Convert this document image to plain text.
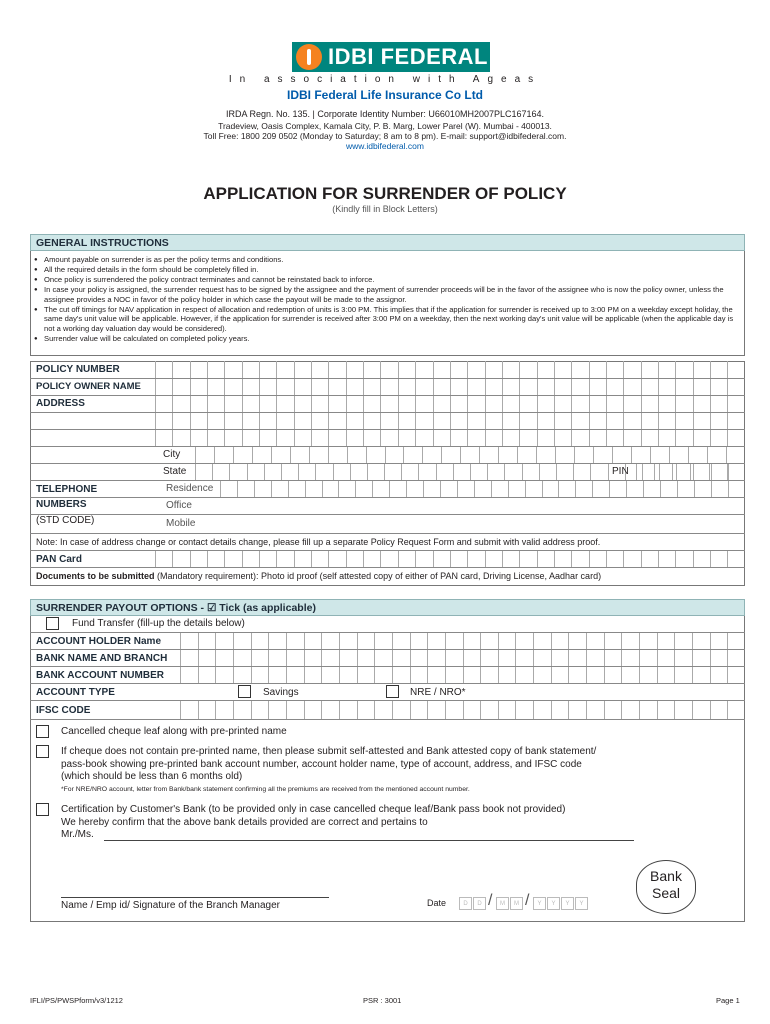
IDBI FEDERAL
In association with Ageas
IDBI Federal Life Insurance Co Ltd
IRDA Regn. No. 135. | Corporate Identity Number: U66010MH2007PLC167164.
Tradeview, Oasis Complex, Kamala City, P. B. Marg, Lower Parel (W). Mumbai - 400013.
Toll Free: 1800 209 0502 (Monday to Saturday; 8 am to 8 pm). E-mail: support@idbifederal.com.
www.idbifederal.com
APPLICATION FOR SURRENDER OF POLICY
(Kindly fill in Block Letters)
GENERAL INSTRUCTIONS
● Amount payable on surrender is as per the policy terms and conditions.
● All the required details in the form should be completely filled in.
● Once policy is surrendered the policy contract terminates and cannot be reinstated back to inforce.
● In case your policy is assigned, the surrender request has to be signed by the assignee and the payment of surrender proceeds will be in the favor of the assignee who is now the policy owner, unless the assignee provides a NOC in favor of the policy holder in which case the payout will be made to the assignor.
● The cut off timings for NAV application in respect of allocation and redemption of units is 3:00 PM. This implies that if the application for surrender is received up to 3:00 PM on a weekday except holiday, the same day's unit value will be applicable. However, if the application for surrender is received after 3:00 PM on a weekday, then the next working day's unit value will be applicable (when the applicable day is not a working day valuation day would be considered).
● Surrender value will be calculated on completed policy years.
POLICY NUMBER
POLICY OWNER NAME
ADDRESS
City
State	PIN
TELEPHONE	Residence
NUMBERS	Office
(STD CODE)	Mobile
Note: In case of address change or contact details change, please fill up a separate Policy Request Form and submit with valid address proof.
PAN Card
Documents to be submitted (Mandatory requirement): Photo id proof (self attested copy of either of PAN card, Driving License, Aadhar card)
SURRENDER PAYOUT OPTIONS - ☑ Tick (as applicable)
Fund Transfer (fill-up the details below)
ACCOUNT HOLDER Name
BANK NAME AND BRANCH
BANK ACCOUNT NUMBER
ACCOUNT TYPE	Savings	NRE / NRO*
IFSC CODE
Cancelled cheque leaf along with pre-printed name
If cheque does not contain pre-printed name, then please submit self-attested and Bank attested copy of bank statement/
pass-book showing pre-printed bank account number, account holder name, type of account, address, and IFSC code
(which should be less than 6 months old)
*For NRE/NRO account, letter from Bank/bank statement confirming all the premiums are received from the mentioned account number.
Certification by Customer's Bank (to be provided only in case cancelled cheque leaf/Bank pass book not provided)
We hereby confirm that the above bank details provided are correct and pertains to
Mr./Ms.
Bank
Seal
Name / Emp id/ Signature of the Branch Manager	Date	D	D /	M	M /	Y	Y	Y	Y
IFLI/PS/PWSPform/v3/1212	PSR : 3001	Page 1
